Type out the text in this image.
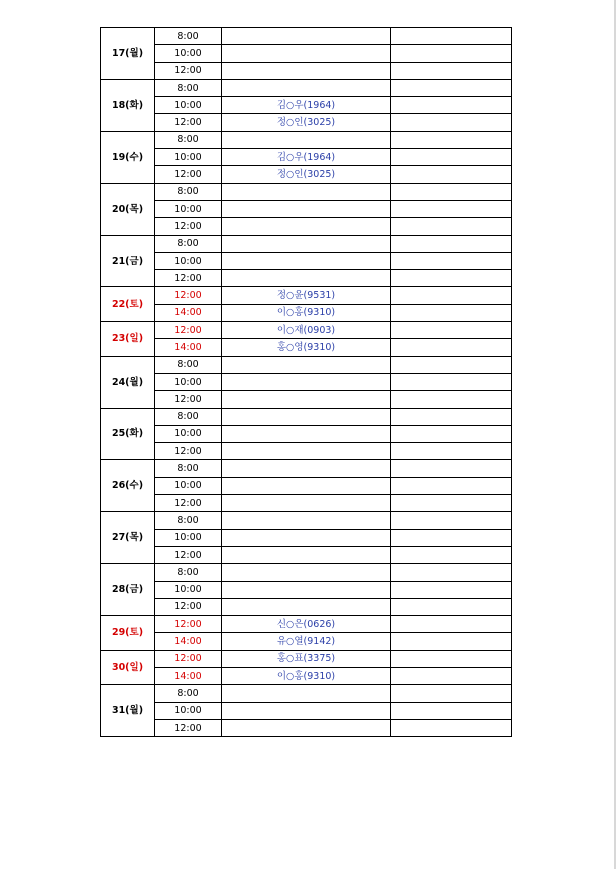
17(월)	8:00		
	10:00		
	12:00		
18(화)	8:00		
	10:00	김○우(1964)	
	12:00	정○인(3025)	
19(수)	8:00		
	10:00	김○우(1964)	
	12:00	정○인(3025)	
20(목)	8:00		
	10:00		
	12:00		
21(금)	8:00		
	10:00		
	12:00		
22(토)	12:00	정○윤(9531)	
	14:00	이○홍(9310)	
23(일)	12:00	이○재(0903)	
	14:00	홍○영(9310)	
24(월)	8:00		
	10:00		
	12:00		
25(화)	8:00		
	10:00		
	12:00		
26(수)	8:00		
	10:00		
	12:00		
27(목)	8:00		
	10:00		
	12:00		
28(금)	8:00		
	10:00		
	12:00		
29(토)	12:00	신○은(0626)	
	14:00	유○열(9142)	
30(일)	12:00	홍○표(3375)	
	14:00	이○홍(9310)	
31(월)	8:00		
	10:00		
	12:00		
